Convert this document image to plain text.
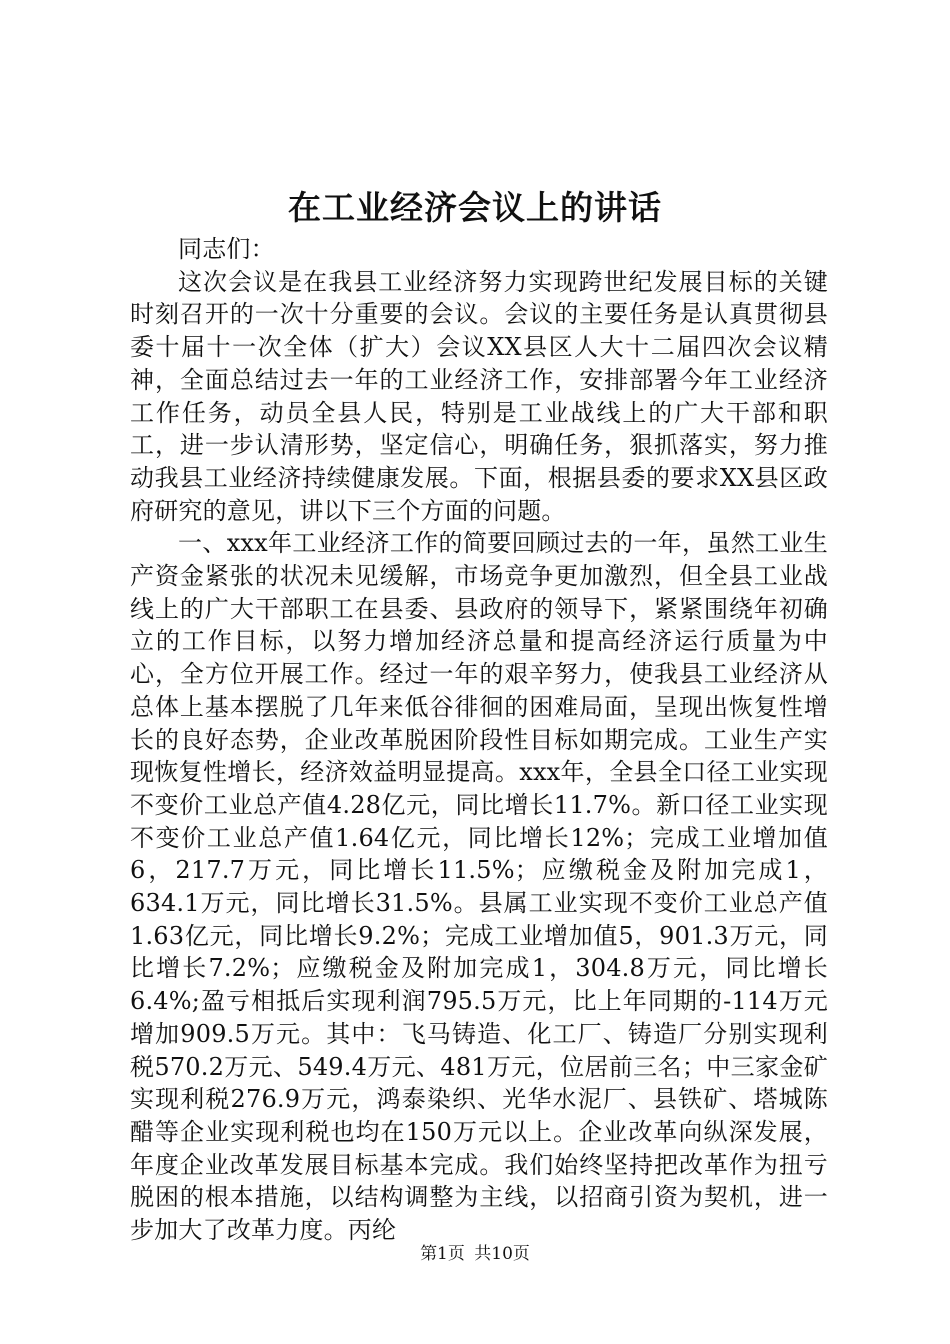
在工业经济会议上的讲话

同志们：

这次会议是在我县工业经济努力实现跨世纪发展目标的关键时刻召开的一次十分重要的会议。会议的主要任务是认真贯彻县委十届十一次全体（扩大）会议XX县区人大十二届四次会议精神，全面总结过去一年的工业经济工作，安排部署今年工业经济工作任务，动员全县人民，特别是工业战线上的广大干部和职工，进一步认清形势，坚定信心，明确任务，狠抓落实，努力推动我县工业经济持续健康发展。下面，根据县委的要求XX县区政府研究的意见，讲以下三个方面的问题。

一、xxx年工业经济工作的简要回顾过去的一年，虽然工业生产资金紧张的状况未见缓解，市场竞争更加激烈，但全县工业战线上的广大干部职工在县委、县政府的领导下，紧紧围绕年初确立的工作目标，以努力增加经济总量和提高经济运行质量为中心，全方位开展工作。经过一年的艰辛努力，使我县工业经济从总体上基本摆脱了几年来低谷徘徊的困难局面，呈现出恢复性增长的良好态势，企业改革脱困阶段性目标如期完成。工业生产实现恢复性增长，经济效益明显提高。xxx年，全县全口径工业实现不变价工业总产值4.28亿元，同比增长11.7%。新口径工业实现不变价工业总产值1.64亿元，同比增长12%；完成工业增加值6，217.7万元，同比增长11.5%；应缴税金及附加完成1，634.1万元，同比增长31.5%。县属工业实现不变价工业总产值1.63亿元，同比增长9.2%；完成工业增加值5，901.3万元，同比增长7.2%；应缴税金及附加完成1，304.8万元，同比增长6.4%;盈亏相抵后实现利润795.5万元，比上年同期的-114万元增加909.5万元。其中：飞马铸造、化工厂、铸造厂分别实现利税570.2万元、549.4万元、481万元，位居前三名；中三家金矿实现利税276.9万元，鸿泰染织、光华水泥厂、县铁矿、塔城陈醋等企业实现利税也均在150万元以上。企业改革向纵深发展，年度企业改革发展目标基本完成。我们始终坚持把改革作为扭亏脱困的根本措施，以结构调整为主线，以招商引资为契机，进一步加大了改革力度。丙纶

第1页 共10页
